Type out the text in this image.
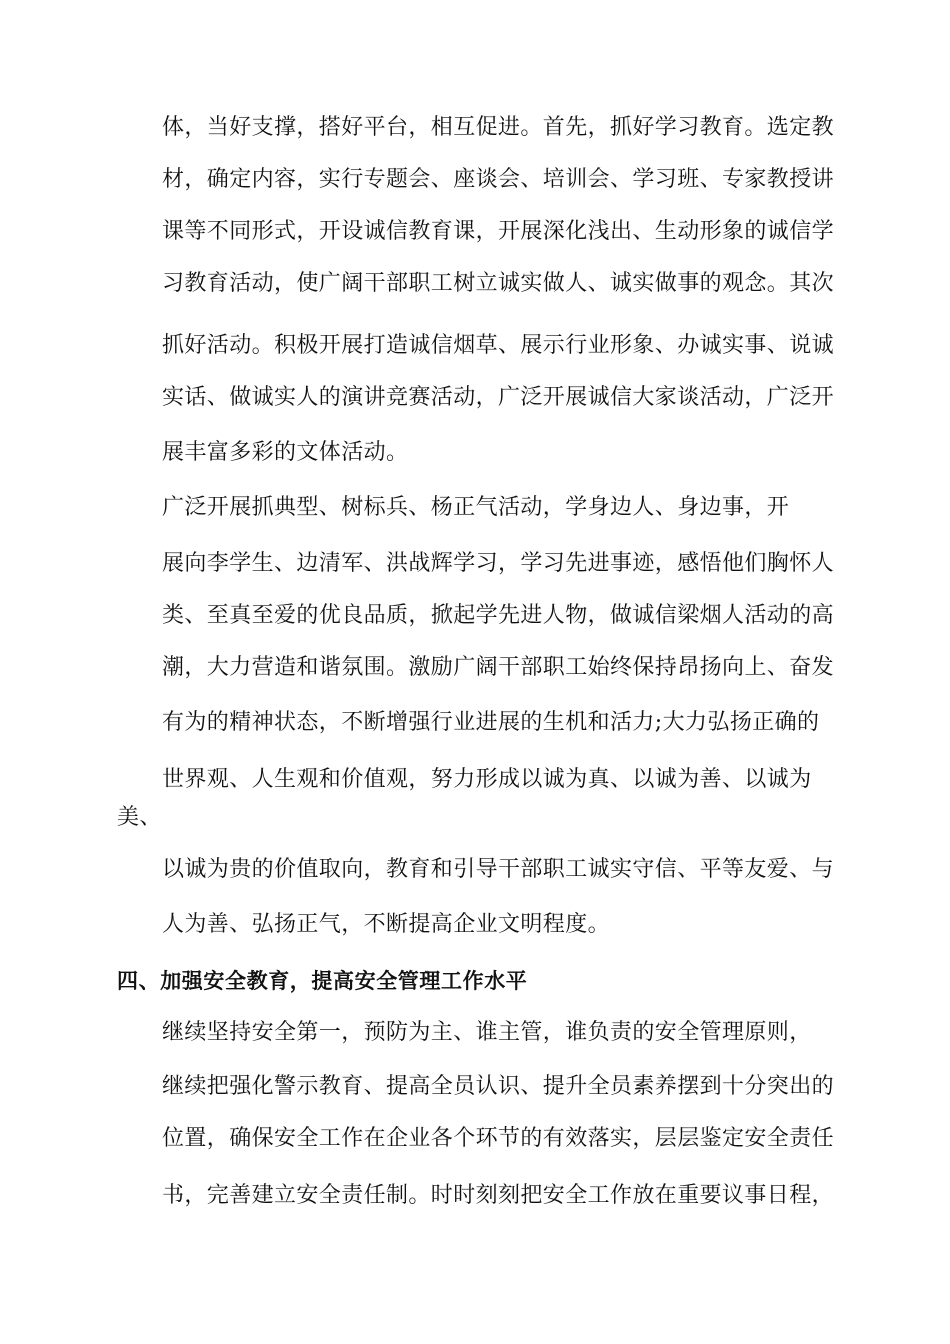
体，当好支撑，搭好平台，相互促进。首先，抓好学习教育。选定教
材，确定内容，实行专题会、座谈会、培训会、学习班、专家教授讲
课等不同形式，开设诚信教育课，开展深化浅出、生动形象的诚信学
习教育活动，使广阔干部职工树立诚实做人、诚实做事的观念。其次
抓好活动。积极开展打造诚信烟草、展示行业形象、办诚实事、说诚
实话、做诚实人的演讲竞赛活动，广泛开展诚信大家谈活动，广泛开
展丰富多彩的文体活动。
广泛开展抓典型、树标兵、杨正气活动，学身边人、身边事，开
展向李学生、边清军、洪战辉学习，学习先进事迹，感悟他们胸怀人
类、至真至爱的优良品质，掀起学先进人物，做诚信梁烟人活动的高
潮，大力营造和谐氛围。激励广阔干部职工始终保持昂扬向上、奋发
有为的精神状态，不断增强行业进展的生机和活力;大力弘扬正确的
世界观、人生观和价值观，努力形成以诚为真、以诚为善、以诚为
美、
以诚为贵的价值取向，教育和引导干部职工诚实守信、平等友爱、与
人为善、弘扬正气，不断提高企业文明程度。
四、加强安全教育，提高安全管理工作水平
继续坚持安全第一，预防为主、谁主管，谁负责的安全管理原则，
继续把强化警示教育、提高全员认识、提升全员素养摆到十分突出的
位置，确保安全工作在企业各个环节的有效落实，层层鉴定安全责任
书，完善建立安全责任制。时时刻刻把安全工作放在重要议事日程，
